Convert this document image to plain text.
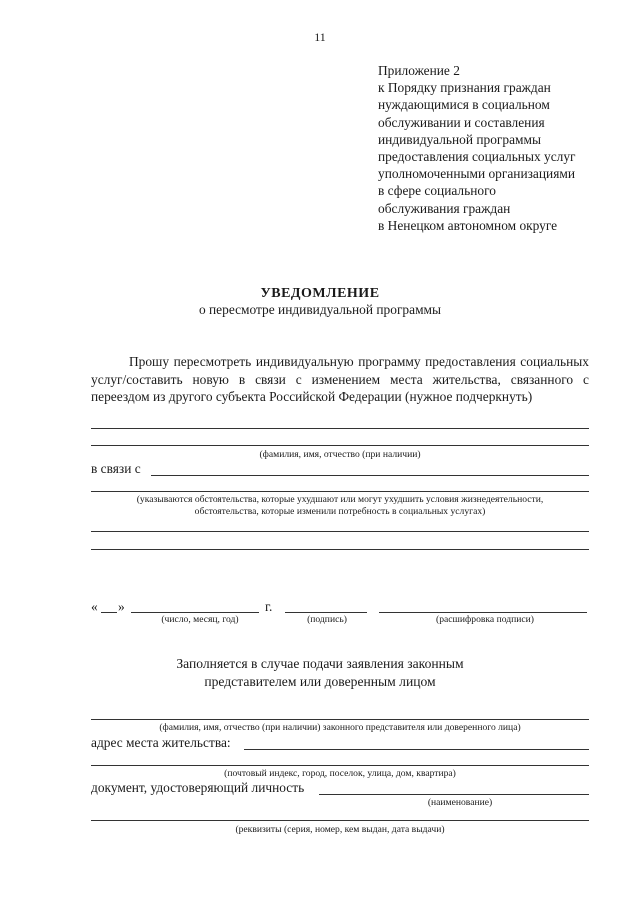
11
Приложение 2
к Порядку признания граждан
нуждающимися в социальном
обслуживании и составления
индивидуальной программы
предоставления социальных услуг
уполномоченными организациями
в сфере социального
обслуживания граждан
в Ненецком автономном округе
УВЕДОМЛЕНИЕ
о пересмотре индивидуальной программы
Прошу пересмотреть индивидуальную программу предоставления социальных услуг/составить новую в связи с изменением места жительства, связанного с переездом из другого субъекта Российской Федерации (нужное подчеркнуть)
(фамилия, имя, отчество (при наличии)
в связи с
(указываются обстоятельства, которые ухудшают или могут ухудшить условия жизнедеятельности,
обстоятельства, которые изменили потребность в социальных услугах)
« »	г.
(число, месяц, год)	(подпись)	(расшифровка подписи)
Заполняется в случае подачи заявления законным
представителем или доверенным лицом
(фамилия, имя, отчество (при наличии) законного представителя или доверенного лица)
адрес места жительства:
(почтовый индекс, город, поселок, улица, дом, квартира)
документ, удостоверяющий личность
(наименование)
(реквизиты (серия, номер, кем выдан, дата выдачи)
